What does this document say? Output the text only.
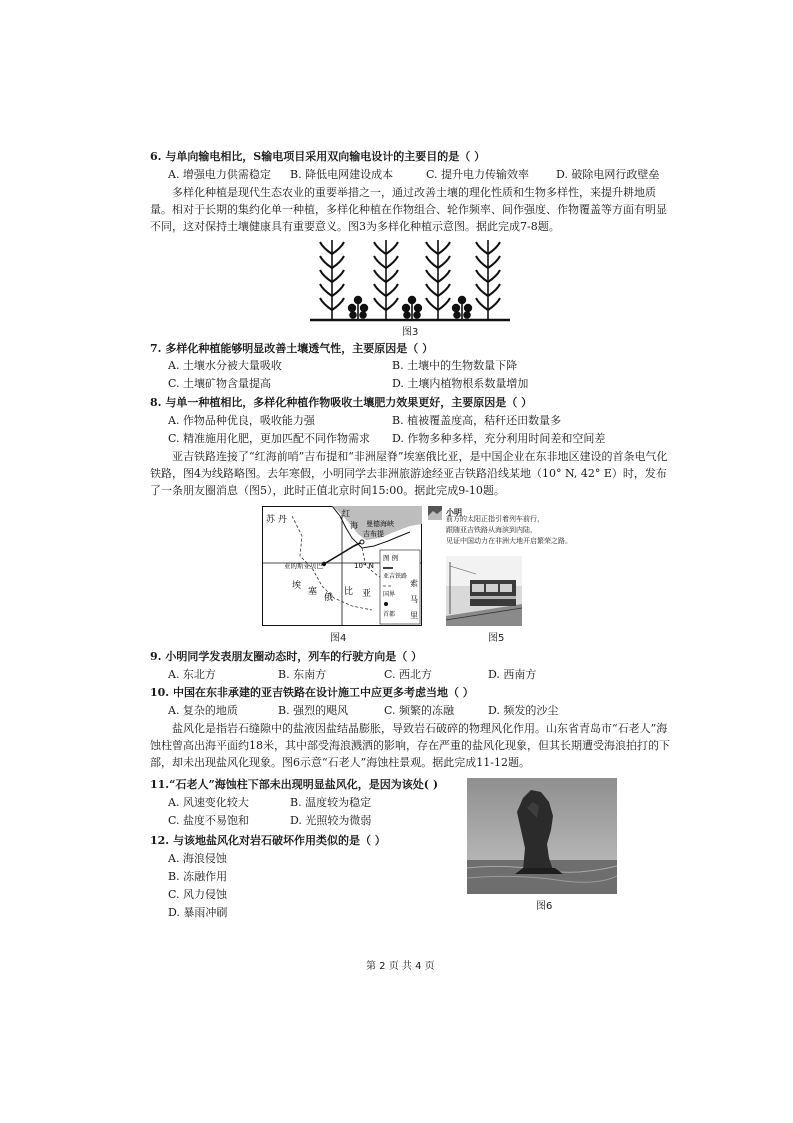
6. 与单向输电相比，S输电项目采用双向输电设计的主要目的是（ ）
A. 增强电力供需稳定 B. 降低电网建设成本	C. 提升电力传输效率 D. 破除电网行政壁垒
多样化种植是现代生态农业的重要举措之一，通过改善土壤的理化性质和生物多样性，来提升耕地质量。相对于长期的集约化单一种植，多样化种植在作物组合、轮作频率、间作强度、作物覆盖等方面有明显不同，这对保持土壤健康具有重要意义。图3为多样化种植示意图。据此完成7-8题。
图3
7. 多样化种植能够明显改善土壤透气性，主要原因是（ ）
A. 土壤水分被大量吸收	B. 土壤中的生物数量下降
C. 土壤矿物含量提高	D. 土壤内植物根系数量增加
8. 与单一种植相比，多样化种植作物吸收土壤肥力效果更好，主要原因是（ ）
A. 作物品种优良，吸收能力强	B. 植被覆盖度高，秸秆还田数量多
C. 精准施用化肥，更加匹配不同作物需求 D. 作物多种多样，充分利用时间差和空间差
亚吉铁路连接了“红海前哨”吉布提和“非洲屋脊”埃塞俄比亚，是中国企业在东非地区建设的首条电气化铁路，图4为线路略图。去年寒假，小明同学去非洲旅游途经亚吉铁路沿线某地（10° N, 42° E）时，发布了一条朋友圈消息（图5），此时正值北京时间15:00。据此完成9-10题。
苏 丹
红
海
吉布提
曼德海峡
亚的斯亚贝巴	10° N
埃
塞
俄
比 亚
索
马
里
图 例
亚吉铁路
国界
首都
图4
小明
前方的太阳正指引着列车前行，
跟随亚吉铁路从海滨到内陆，
见证中国动力在非洲大地开启繁荣之路。
图5
9. 小明同学发表朋友圈动态时，列车的行驶方向是（ ）
A. 东北方	B. 东南方	C. 西北方	D. 西南方
10. 中国在东非承建的亚吉铁路在设计施工中应更多考虑当地（ ）
A. 复杂的地质	B. 强烈的飓风	C. 频繁的冻融	D. 频发的沙尘
盐风化是指岩石缝隙中的盐液因盐结晶膨胀，导致岩石破碎的物理风化作用。山东省青岛市“石老人”海蚀柱曾高出海平面约18米，其中部受海浪溅洒的影响，存在严重的盐风化现象，但其长期遭受海浪拍打的下部，却未出现盐风化现象。图6示意“石老人”海蚀柱景观。据此完成11-12题。
11.“石老人”海蚀柱下部未出现明显盐风化，是因为该处( )
A. 风速变化较大	B. 温度较为稳定
C. 盐度不易饱和	D. 光照较为微弱
12. 与该地盐风化对岩石破坏作用类似的是（ ）
A. 海浪侵蚀
B. 冻融作用
C. 风力侵蚀
D. 暴雨冲刷	图6
第 2 页 共 4 页
